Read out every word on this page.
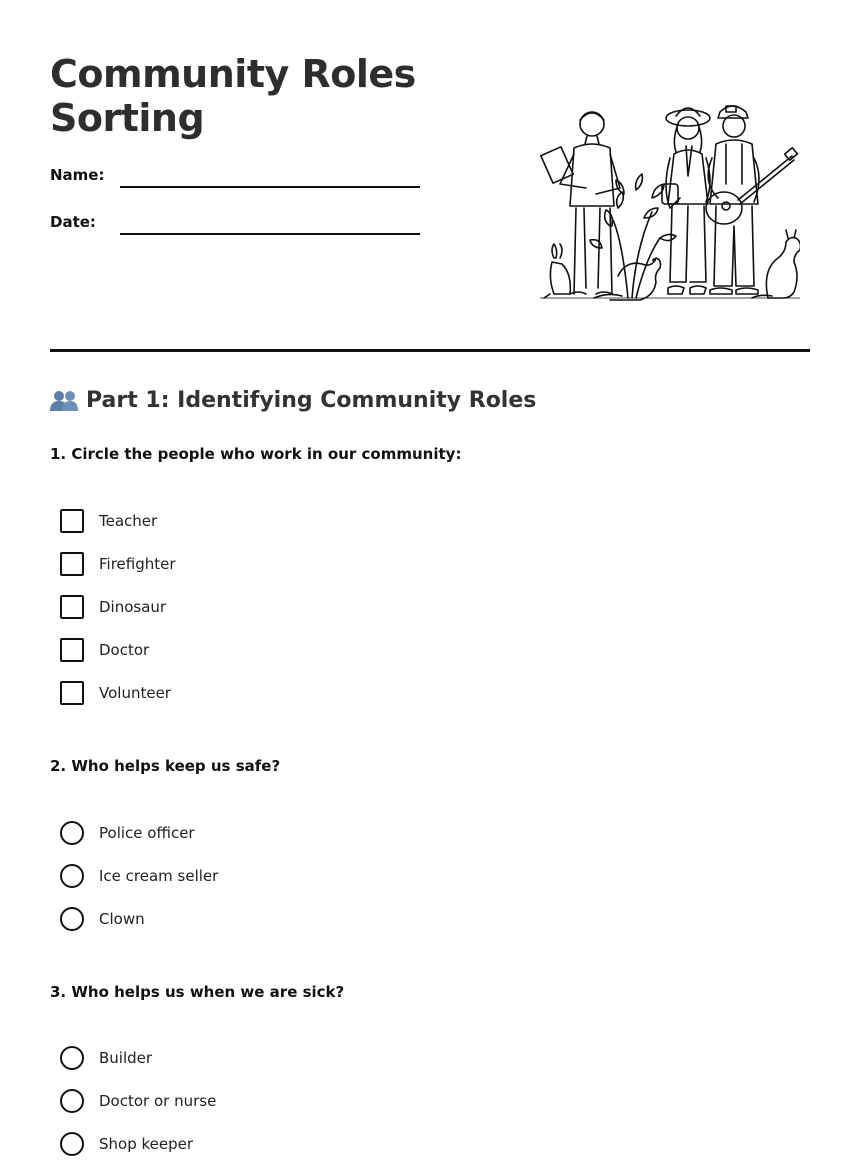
Community Roles Sorting
Name:
Date:
Part 1: Identifying Community Roles

1. Circle the people who work in our community:

Teacher
Firefighter
Dinosaur
Doctor
Volunteer

2. Who helps keep us safe?

Police officer
Ice cream seller
Clown

3. Who helps us when we are sick?

Builder
Doctor or nurse
Shop keeper
